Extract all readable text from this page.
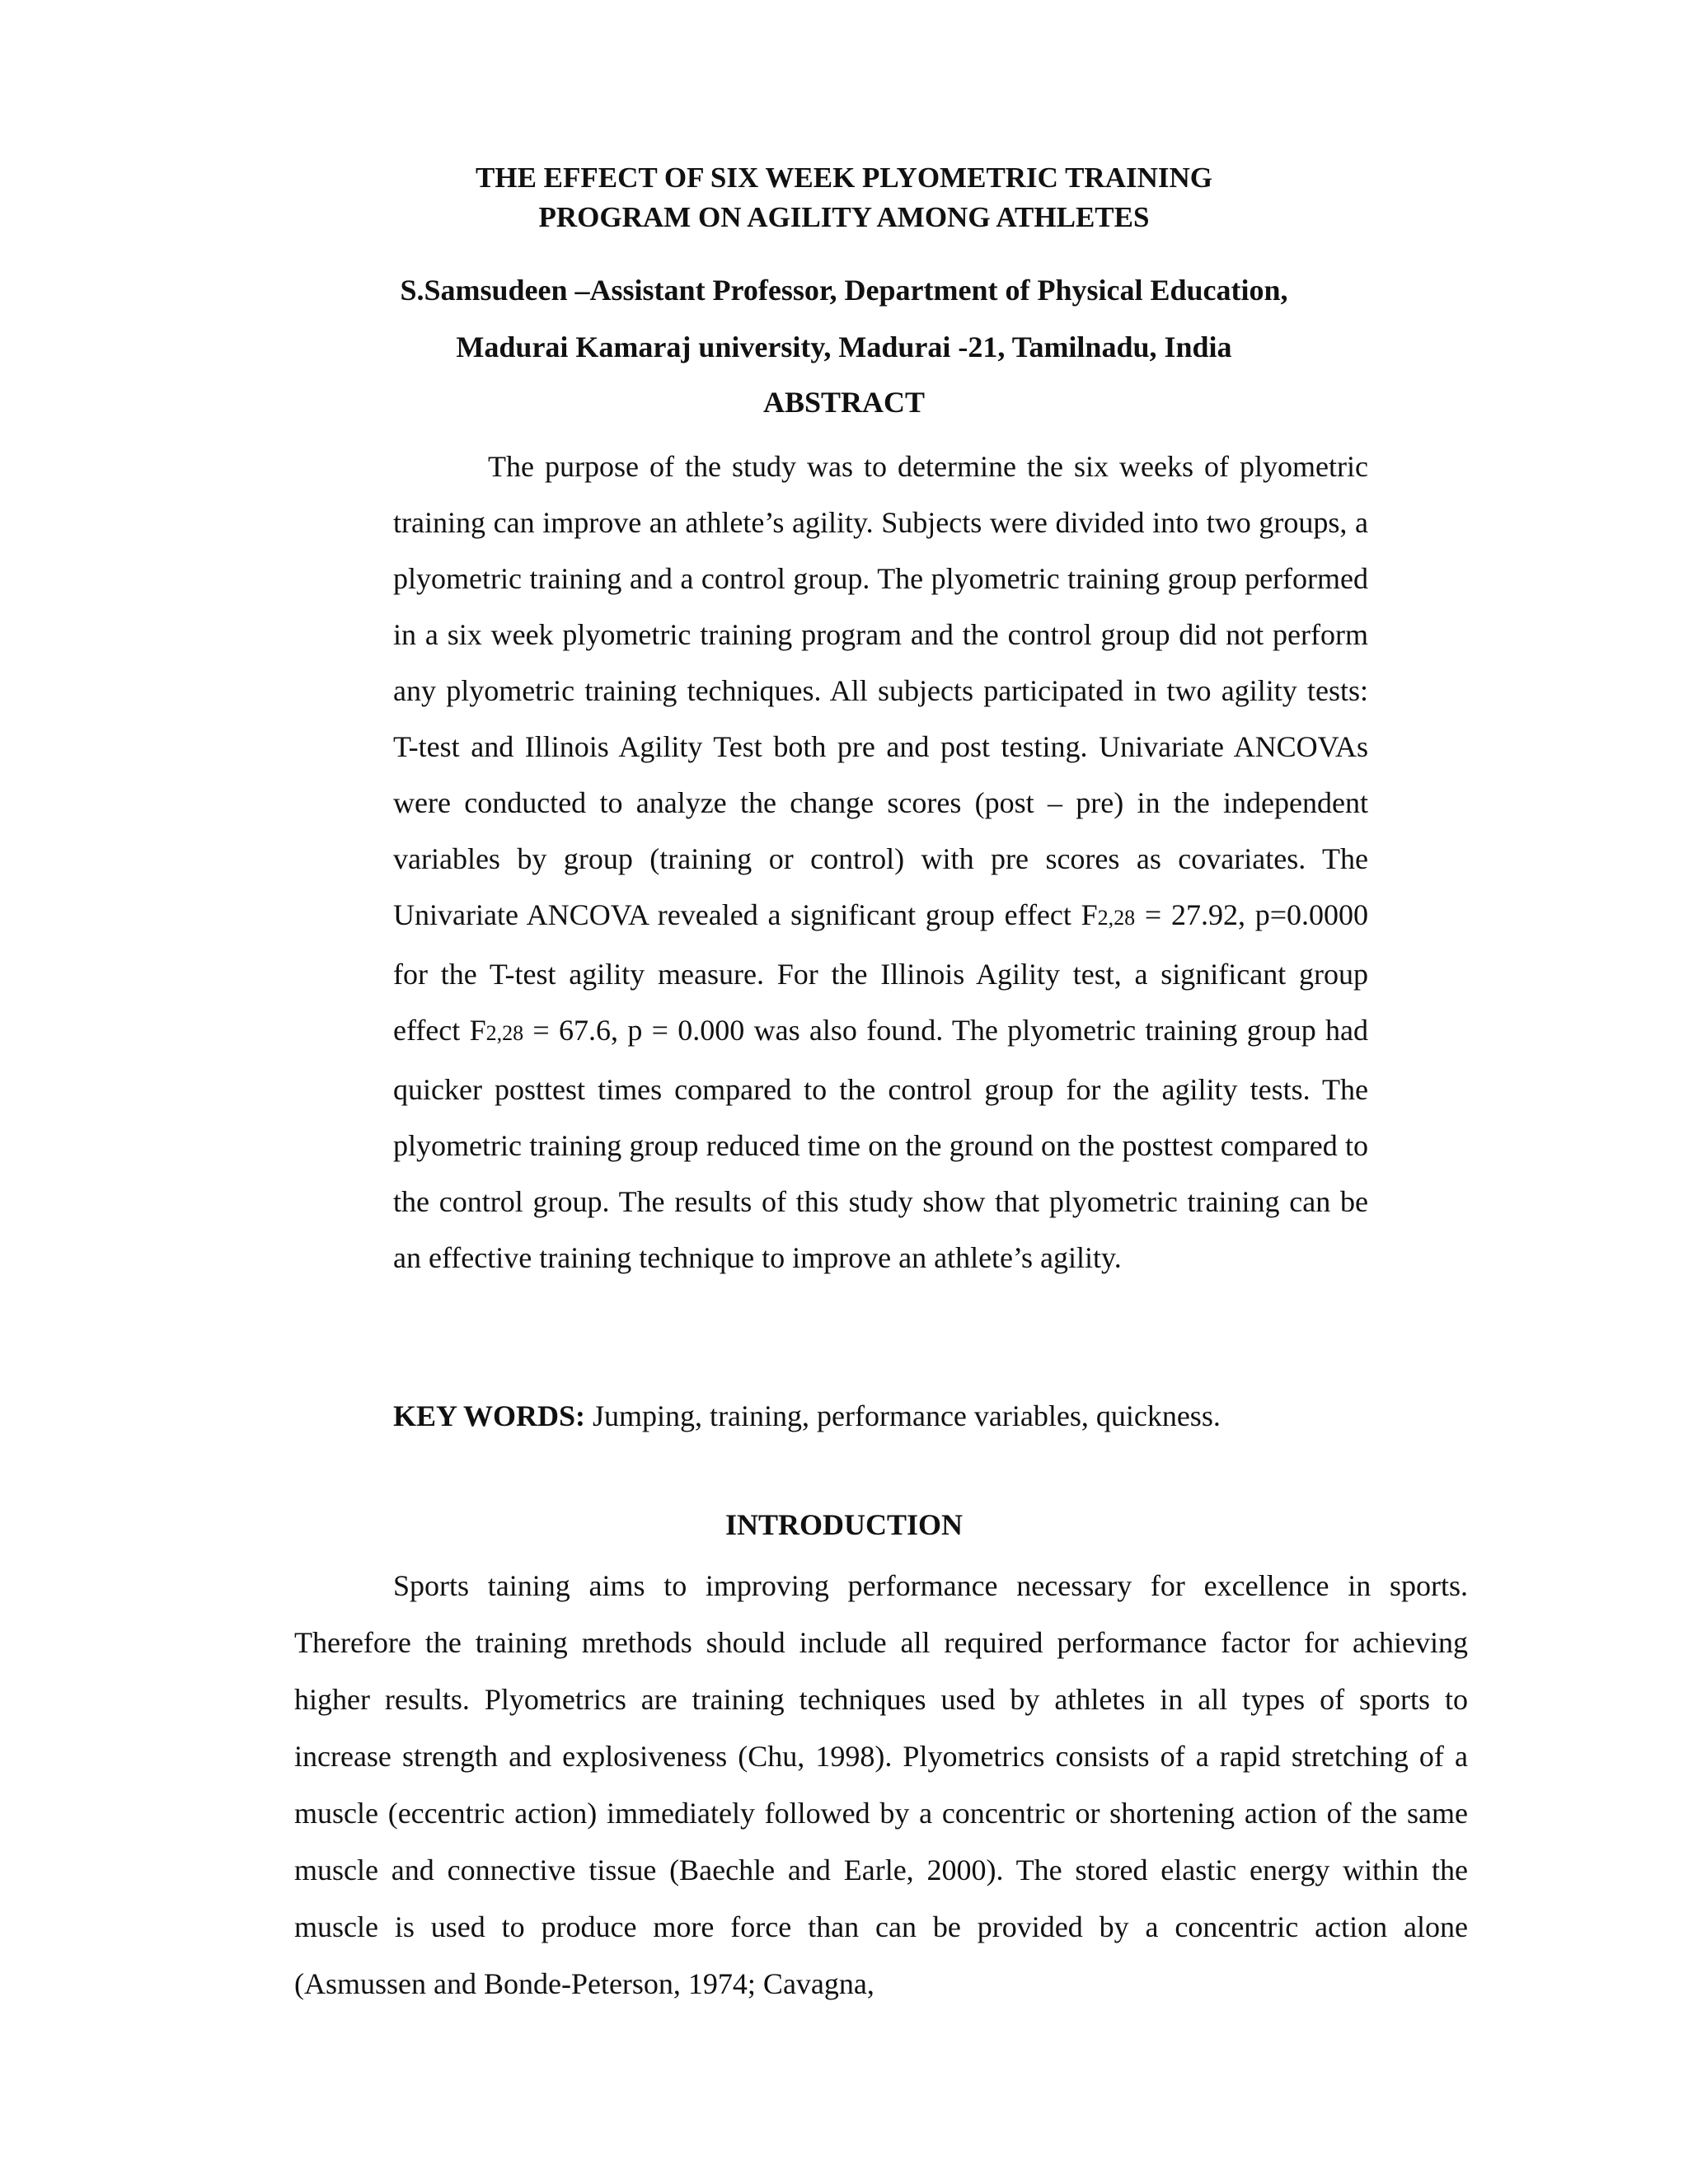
THE EFFECT OF SIX WEEK PLYOMETRIC TRAINING
PROGRAM ON AGILITY AMONG ATHLETES
S.Samsudeen –Assistant Professor, Department of Physical Education,
Madurai Kamaraj university, Madurai -21, Tamilnadu, India
ABSTRACT
The purpose of the study was to determine the six weeks of plyometric training can improve an athlete’s agility. Subjects were divided into two groups, a plyometric training and a control group. The plyometric training group performed in a six week plyometric training program and the control group did not perform any plyometric training techniques. All subjects participated in two agility tests: T-test and Illinois Agility Test both pre and post testing. Univariate ANCOVAs were conducted to analyze the change scores (post – pre) in the independent variables by group (training or control) with pre scores as covariates. The Univariate ANCOVA revealed a significant group effect F2,28 = 27.92, p=0.0000 for the T-test agility measure. For the Illinois Agility test, a significant group effect F2,28 = 67.6, p = 0.000 was also found. The plyometric training group had quicker posttest times compared to the control group for the agility tests. The plyometric training group reduced time on the ground on the posttest compared to the control group. The results of this study show that plyometric training can be an effective training technique to improve an athlete’s agility.
KEY WORDS: Jumping, training, performance variables, quickness.
INTRODUCTION
Sports taining aims to improving performance necessary for excellence in sports. Therefore the training mrethods should include all required performance factor for achieving higher results. Plyometrics are training techniques used by athletes in all types of sports to increase strength and explosiveness (Chu, 1998). Plyometrics consists of a rapid stretching of a muscle (eccentric action) immediately followed by a concentric or shortening action of the same muscle and connective tissue (Baechle and Earle, 2000). The stored elastic energy within the muscle is used to produce more force than can be provided by a concentric action alone (Asmussen and Bonde-Peterson, 1974; Cavagna,
